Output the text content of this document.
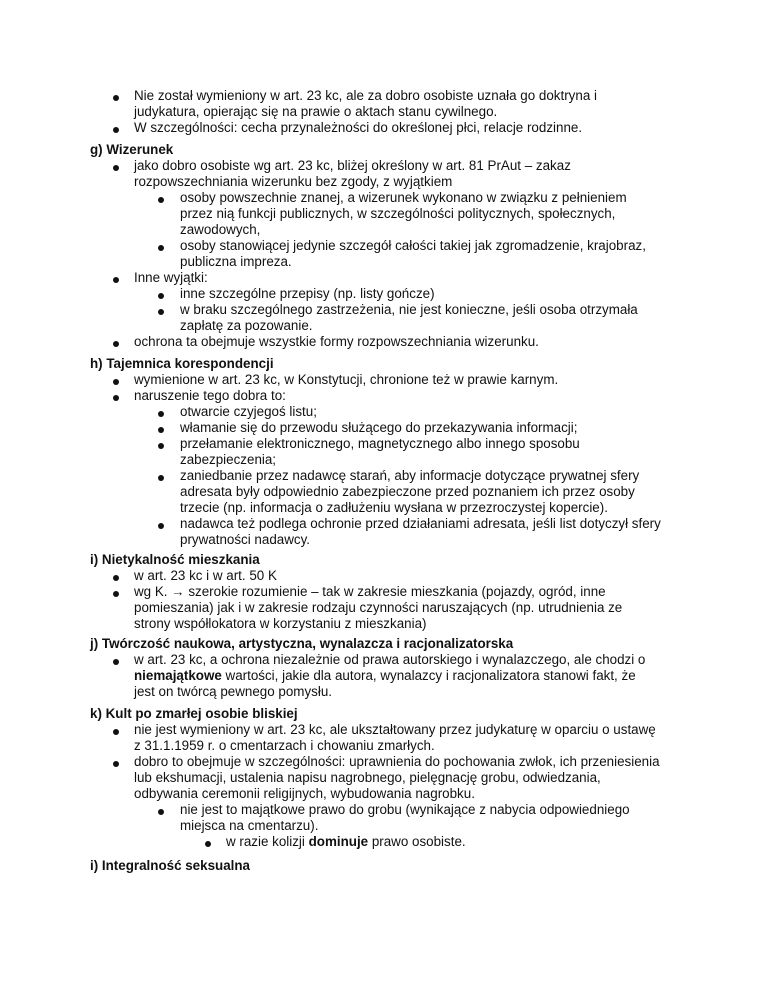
Nie został wymieniony w art. 23 kc, ale za dobro osobiste uznała go doktryna i
judykatura, opierając się na prawie o aktach stanu cywilnego.
W szczególności: cecha przynależności do określonej płci, relacje rodzinne.
g) Wizerunek
jako dobro osobiste wg art. 23 kc, bliżej określony w art. 81 PrAut – zakaz
rozpowszechniania wizerunku bez zgody, z wyjątkiem
osoby powszechnie znanej, a wizerunek wykonano w związku z pełnieniem
przez nią funkcji publicznych, w szczególności politycznych, społecznych,
zawodowych,
osoby stanowiącej jedynie szczegół całości takiej jak zgromadzenie, krajobraz,
publiczna impreza.
Inne wyjątki:
inne szczególne przepisy (np. listy gończe)
w braku szczególnego zastrzeżenia, nie jest konieczne, jeśli osoba otrzymała
zapłatę za pozowanie.
ochrona ta obejmuje wszystkie formy rozpowszechniania wizerunku.
h) Tajemnica korespondencji
wymienione w art. 23 kc, w Konstytucji, chronione też w prawie karnym.
naruszenie tego dobra to:
otwarcie czyjegoś listu;
włamanie się do przewodu służącego do przekazywania informacji;
przełamanie elektronicznego, magnetycznego albo innego sposobu
zabezpieczenia;
zaniedbanie przez nadawcę starań, aby informacje dotyczące prywatnej sfery
adresata były odpowiednio zabezpieczone przed poznaniem ich przez osoby
trzecie (np. informacja o zadłużeniu wysłana w przezroczystej kopercie).
nadawca też podlega ochronie przed działaniami adresata, jeśli list dotyczył sfery
prywatności nadawcy.
i) Nietykalność mieszkania
w art. 23 kc i w art. 50 K
wg K. → szerokie rozumienie – tak w zakresie mieszkania (pojazdy, ogród, inne
pomieszania) jak i w zakresie rodzaju czynności naruszających (np. utrudnienia ze
strony współlokatora w korzystaniu z mieszkania)
j) Twórczość naukowa, artystyczna, wynalazcza i racjonalizatorska
w art. 23 kc, a ochrona niezależnie od prawa autorskiego i wynalazczego, ale chodzi o
niemajątkowe wartości, jakie dla autora, wynalazcy i racjonalizatora stanowi fakt, że
jest on twórcą pewnego pomysłu.
k) Kult po zmarłej osobie bliskiej
nie jest wymieniony w art. 23 kc, ale ukształtowany przez judykaturę w oparciu o ustawę
z 31.1.1959 r. o cmentarzach i chowaniu zmarłych.
dobro to obejmuje w szczególności: uprawnienia do pochowania zwłok, ich przeniesienia
lub ekshumacji, ustalenia napisu nagrobnego, pielęgnację grobu, odwiedzania,
odbywania ceremonii religijnych, wybudowania nagrobku.
nie jest to majątkowe prawo do grobu (wynikające z nabycia odpowiedniego
miejsca na cmentarzu).
w razie kolizji dominuje prawo osobiste.
i) Integralność seksualna
